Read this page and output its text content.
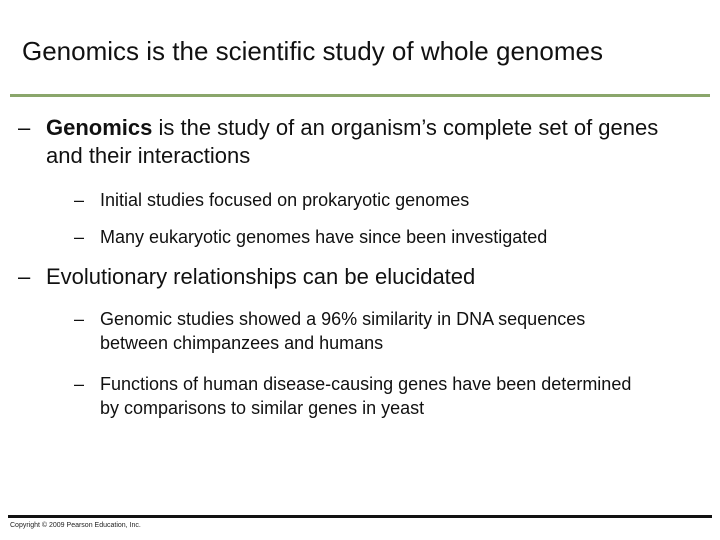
Genomics is the scientific study of whole genomes
– Genomics is the study of an organism’s complete set of genes and their interactions
– Initial studies focused on prokaryotic genomes
– Many eukaryotic genomes have since been investigated
– Evolutionary relationships can be elucidated
– Genomic studies showed a 96% similarity in DNA sequences between chimpanzees and humans
– Functions of human disease-causing genes have been determined by comparisons to similar genes in yeast
Copyright © 2009 Pearson Education, Inc.
